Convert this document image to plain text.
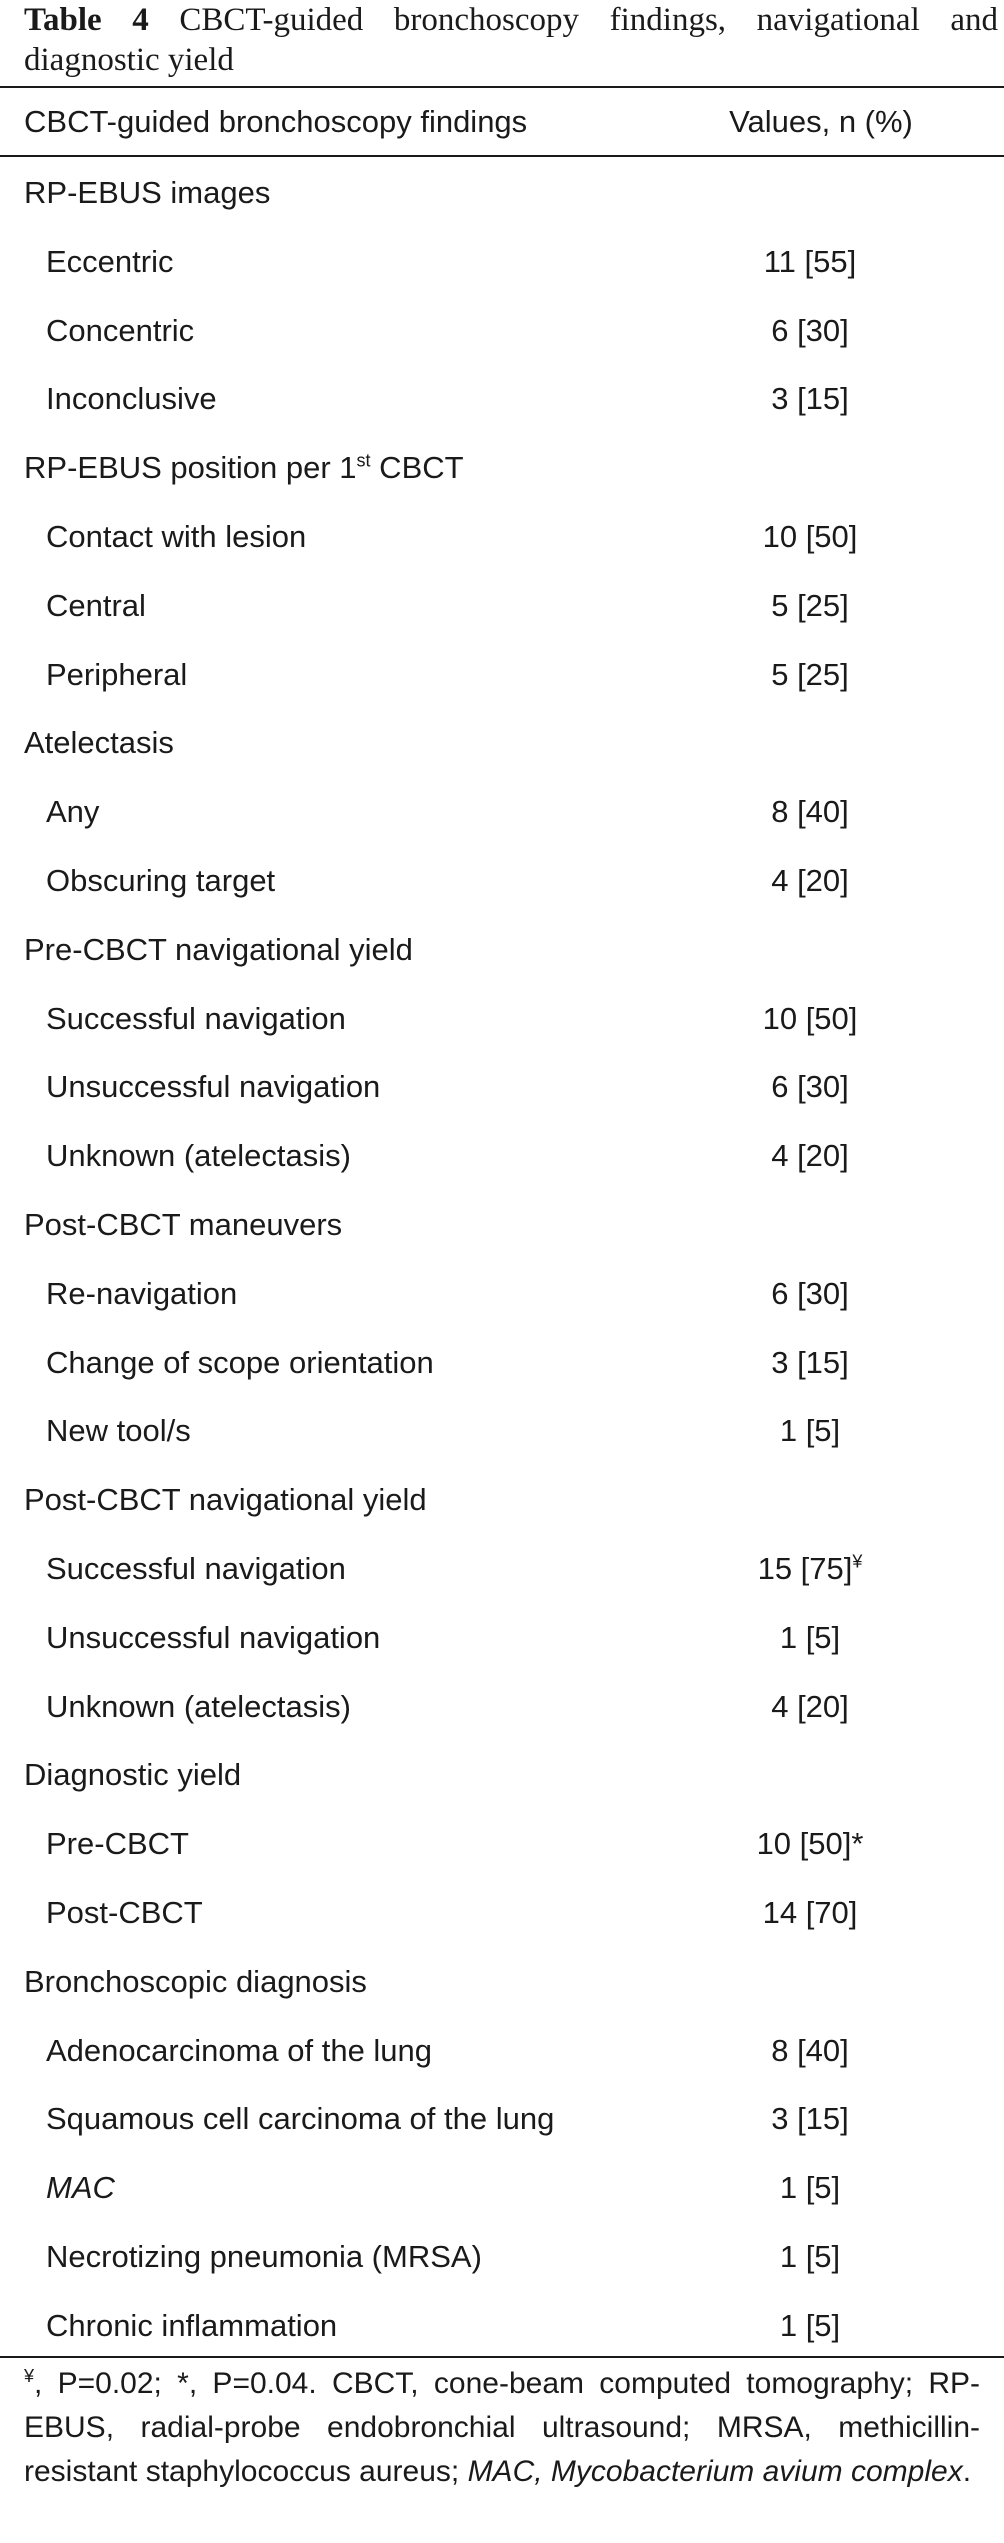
Table 4 CBCT-guided bronchoscopy findings, navigational and diagnostic yield
CBCT-guided bronchoscopy findings	Values, n (%)
RP-EBUS images
Eccentric	11 [55]
Concentric	6 [30]
Inconclusive	3 [15]
RP-EBUS position per 1st CBCT
Contact with lesion	10 [50]
Central	5 [25]
Peripheral	5 [25]
Atelectasis
Any	8 [40]
Obscuring target	4 [20]
Pre-CBCT navigational yield
Successful navigation	10 [50]
Unsuccessful navigation	6 [30]
Unknown (atelectasis)	4 [20]
Post-CBCT maneuvers
Re-navigation	6 [30]
Change of scope orientation	3 [15]
New tool/s	1 [5]
Post-CBCT navigational yield
Successful navigation	15 [75]¥
Unsuccessful navigation	1 [5]
Unknown (atelectasis)	4 [20]
Diagnostic yield
Pre-CBCT	10 [50]*
Post-CBCT	14 [70]
Bronchoscopic diagnosis
Adenocarcinoma of the lung	8 [40]
Squamous cell carcinoma of the lung	3 [15]
MAC	1 [5]
Necrotizing pneumonia (MRSA)	1 [5]
Chronic inflammation	1 [5]
¥, P=0.02; *, P=0.04. CBCT, cone-beam computed tomography; RP-EBUS, radial-probe endobronchial ultrasound; MRSA, methicillin-resistant staphylococcus aureus; MAC, Mycobacterium avium complex.
